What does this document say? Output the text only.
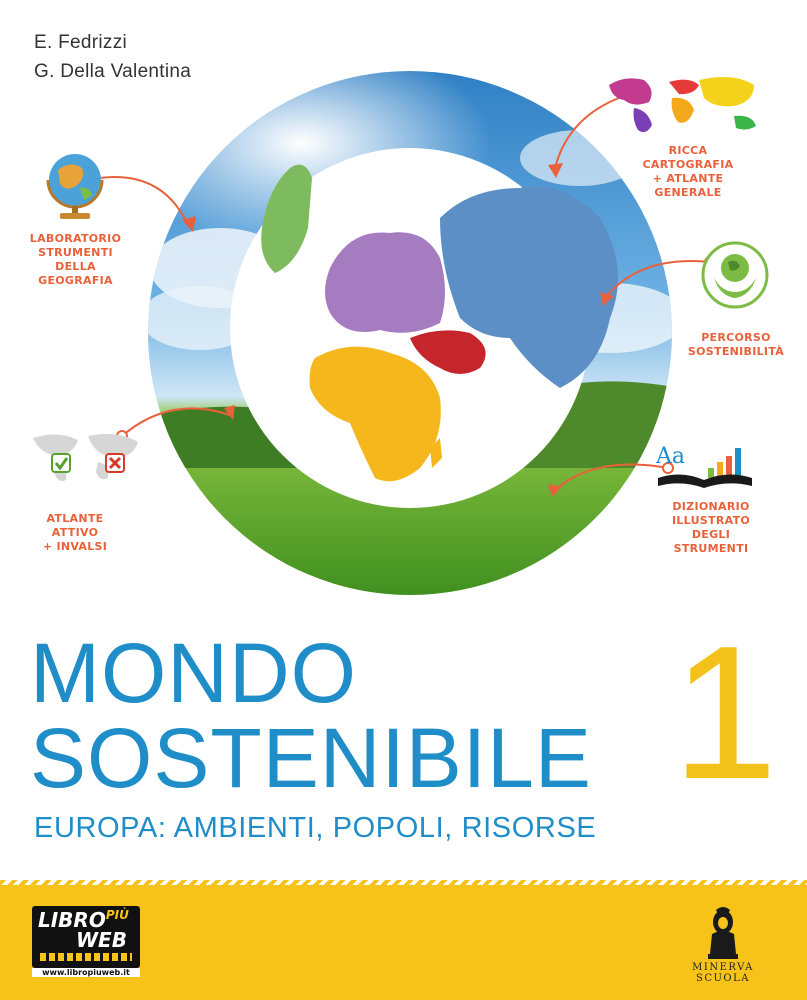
E. Fedrizzi
G. Della Valentina
Aa
LABORATORIO
STRUMENTI
DELLA
GEOGRAFIA
RICCA
CARTOGRAFIA
+ ATLANTE
GENERALE
PERCORSO
SOSTENIBILITÀ
ATLANTE
ATTIVO
+ INVALSI
DIZIONARIO
ILLUSTRATO
DEGLI
STRUMENTI
MONDO
SOSTENIBILE
EUROPA: AMBIENTI, POPOLI, RISORSE
1
$LIBRO^{PIÙ}$
WEB
www.libropiuweb.it	MINERVA SCUOLA
